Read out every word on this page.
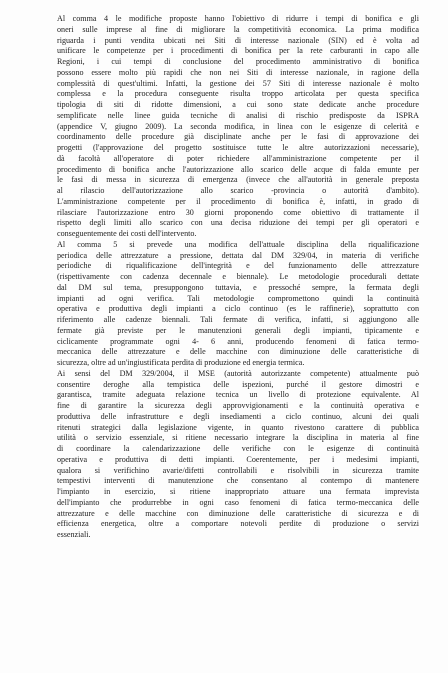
Al comma 4 le modifiche proposte hanno l'obiettivo di ridurre i tempi di bonifica e gli
oneri sulle imprese al fine di migliorare la competitività economica. La prima modifica
riguarda i punti vendita ubicati nei Siti di interesse nazionale (SIN) ed è volta ad
unificare le competenze per i procedimenti di bonifica per la rete carburanti in capo alle
Regioni, i cui tempi di conclusione del procedimento amministrativo di bonifica
possono essere molto più rapidi che non nei Siti di interesse nazionale, in ragione della
complessità di quest'ultimi. Infatti, la gestione dei 57 Siti di interesse nazionale è molto
complessa e la procedura conseguente risulta troppo articolata per questa specifica
tipologia di siti di ridotte dimensioni, a cui sono state dedicate anche procedure
semplificate nelle linee guida tecniche di analisi di rischio predisposte da ISPRA
(appendice V, giugno 2009). La seconda modifica, in linea con le esigenze di celerità e
coordinamento delle procedure già disciplinate anche per le fasi di approvazione dei
progetti (l'approvazione del progetto sostituisce tutte le altre autorizzazioni necessarie),
dà facoltà all'operatore di poter richiedere all'amministrazione competente per il
procedimento di bonifica anche l'autorizzazione allo scarico delle acque di falda emunte per
le fasi di messa in sicurezza di emergenza (invece che all'autorità in generale preposta
al rilascio dell'autorizzazione allo scarico -provincia o autorità d'ambito).
L'amministrazione competente per il procedimento di bonifica è, infatti, in grado di
rilasciare l'autorizzazione entro 30 giorni proponendo come obiettivo di trattamente il
rispetto degli limiti allo scarico con una decisa riduzione dei tempi per gli operatori e
conseguentemente dei costi dell'intervento.
Al comma 5 si prevede una modifica dell'attuale disciplina della riqualificazione
periodica delle attrezzature a pressione, dettata dal DM 329/04, in materia di verifiche
periodiche di riqualificazione dell'integrità e del funzionamento delle attrezzature
(rispettivamente con cadenza decennale e biennale). Le metodologie procedurali dettate
dal DM sul tema, presuppongono tuttavia, e pressoché sempre, la fermata degli
impianti ad ogni verifica. Tali metodologie compromettono quindi la continuità
operativa e produttiva degli impianti a ciclo continuo (es le raffinerie), soprattutto con
riferimento alle cadenze biennali. Tali fermate di verifica, infatti, si aggiungono alle
fermate già previste per le manutenzioni generali degli impianti, tipicamente e
ciclicamente programmate ogni 4- 6 anni, producendo fenomeni di fatica termo-
meccanica delle attrezzature e delle macchine con diminuzione delle caratteristiche di
sicurezza, oltre ad un'ingiustificata perdita di produzione ed energia termica.
Ai sensi del DM 329/2004, il MSE (autorità autorizzante competente) attualmente può
consentire deroghe alla tempistica delle ispezioni, purché il gestore dimostri e
garantisca, tramite adeguata relazione tecnica un livello di protezione equivalente. Al
fine di garantire la sicurezza degli approvvigionamenti e la continuità operativa e
produttiva delle infrastrutture e degli insediamenti a ciclo continuo, alcuni dei quali
ritenuti strategici dalla legislazione vigente, in quanto rivestono carattere di pubblica
utilità o servizio essenziale, si ritiene necessario integrare la disciplina in materia al fine
di coordinare la calendarizzazione delle verifiche con le esigenze di continuità
operativa e produttiva di detti impianti. Coerentemente, per i medesimi impianti,
qualora si verifichino avarie/difetti controllabili e risolvibili in sicurezza tramite
tempestivi interventi di manutenzione che consentano al contempo di mantenere
l'impianto in esercizio, si ritiene inappropriato attuare una fermata imprevista
dell'impianto che produrrebbe in ogni caso fenomeni di fatica termo-meccanica delle
attrezzature e delle macchine con diminuzione delle caratteristiche di sicurezza e di
efficienza energetica, oltre a comportare notevoli perdite di produzione o servizi
essenziali.
